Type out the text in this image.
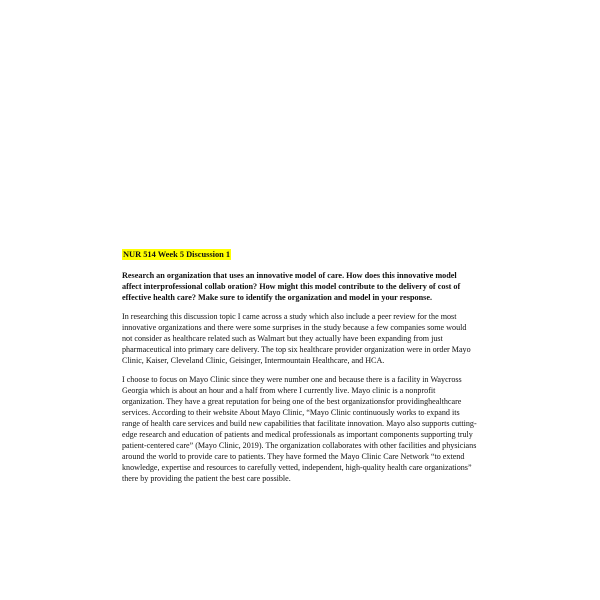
NUR 514 Week 5 Discussion 1

Research an organization that uses an innovative model of care. How does this innovative model affect interprofessional collab oration? How might this model contribute to the delivery of cost of effective health care? Make sure to identify the organization and model in your response.

In researching this discussion topic I came across a study which also include a peer review for the most innovative organizations and there were some surprises in the study because a few companies some would not consider as healthcare related such as Walmart but they actually have been expanding from just pharmaceutical into primary care delivery. The top six healthcare provider organization were in order Mayo Clinic, Kaiser, Cleveland Clinic, Geisinger, Intermountain Healthcare, and HCA.

I choose to focus on Mayo Clinic since they were number one and because there is a facility in Waycross Georgia which is about an hour and a half from where I currently live. Mayo clinic is a nonprofit organization. They have a great reputation for being one of the best organizationsfor providinghealthcare services. According to their website About Mayo Clinic, “Mayo Clinic continuously works to expand its range of health care services and build new capabilities that facilitate innovation. Mayo also supports cutting-edge research and education of patients and medical professionals as important components supporting truly patient-centered care” (Mayo Clinic, 2019). The organization collaborates with other facilities and physicians around the world to provide care to patients. They have formed the Mayo Clinic Care Network “to extend knowledge, expertise and resources to carefully vetted, independent, high-quality health care organizations” there by providing the patient the best care possible.
